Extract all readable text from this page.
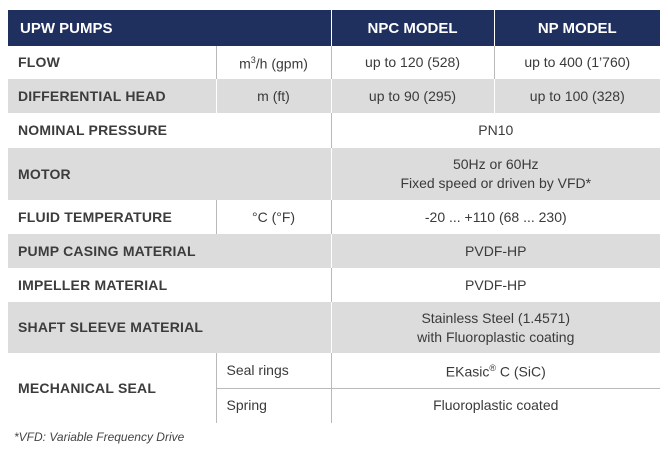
UPW PUMPS		NPC MODEL	NP MODEL
FLOW	$m^3/h$ (gpm)	up to 120 (528)	up to 400 (1’760)
DIFFERENTIAL HEAD	m (ft)	up to 90 (295)	up to 100 (328)
NOMINAL PRESSURE		PN10	
MOTOR		50Hz or 60Hz
Fixed speed or driven by VFD*	

FLUID TEMPERATURE	°C (°F)	-20 ... +110 (68 ... 230)	
PUMP CASING MATERIAL		PVDF-HP	
IMPELLER MATERIAL		PVDF-HP	
SHAFT SLEEVE MATERIAL		Stainless Steel (1.4571)
with Fluoroplastic coating	

MECHANICAL SEAL	Seal rings	EKasic® C (SiC)	
	Spring	Fluoroplastic coated	
*VFD: Variable Frequency Drive
